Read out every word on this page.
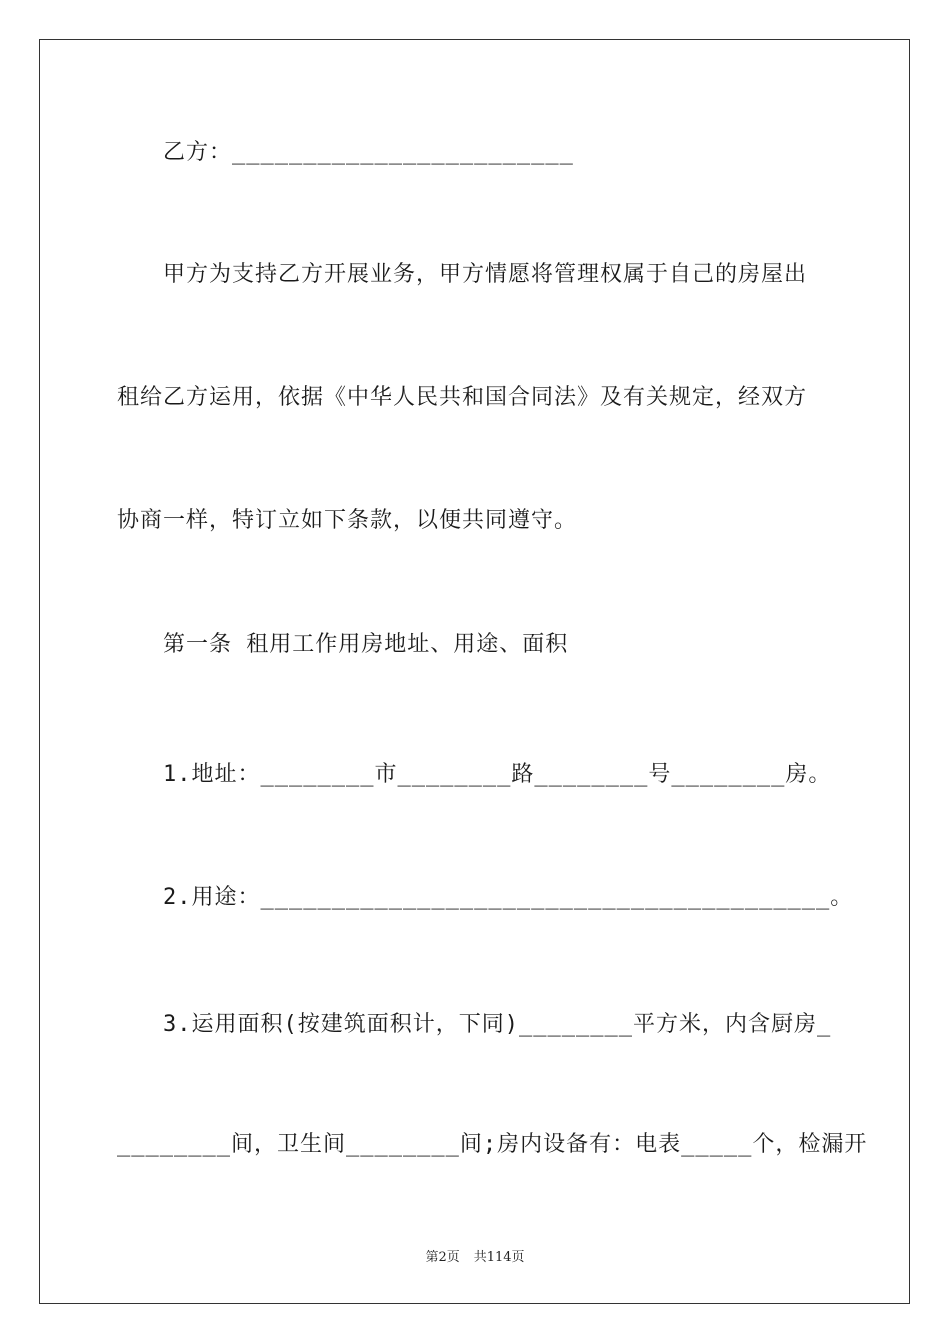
乙方：________________________
甲方为支持乙方开展业务，甲方情愿将管理权属于自己的房屋出
租给乙方运用，依据《中华人民共和国合同法》及有关规定，经双方
协商一样，特订立如下条款，以便共同遵守。
第一条 租用工作用房地址、用途、面积
1.地址：________市________路________号________房。
2.用途：________________________________________。
3.运用面积(按建筑面积计，下同)________平方米，内含厨房_
________间，卫生间________间;房内设备有：电表_____个，检漏开
第2页 共114页
